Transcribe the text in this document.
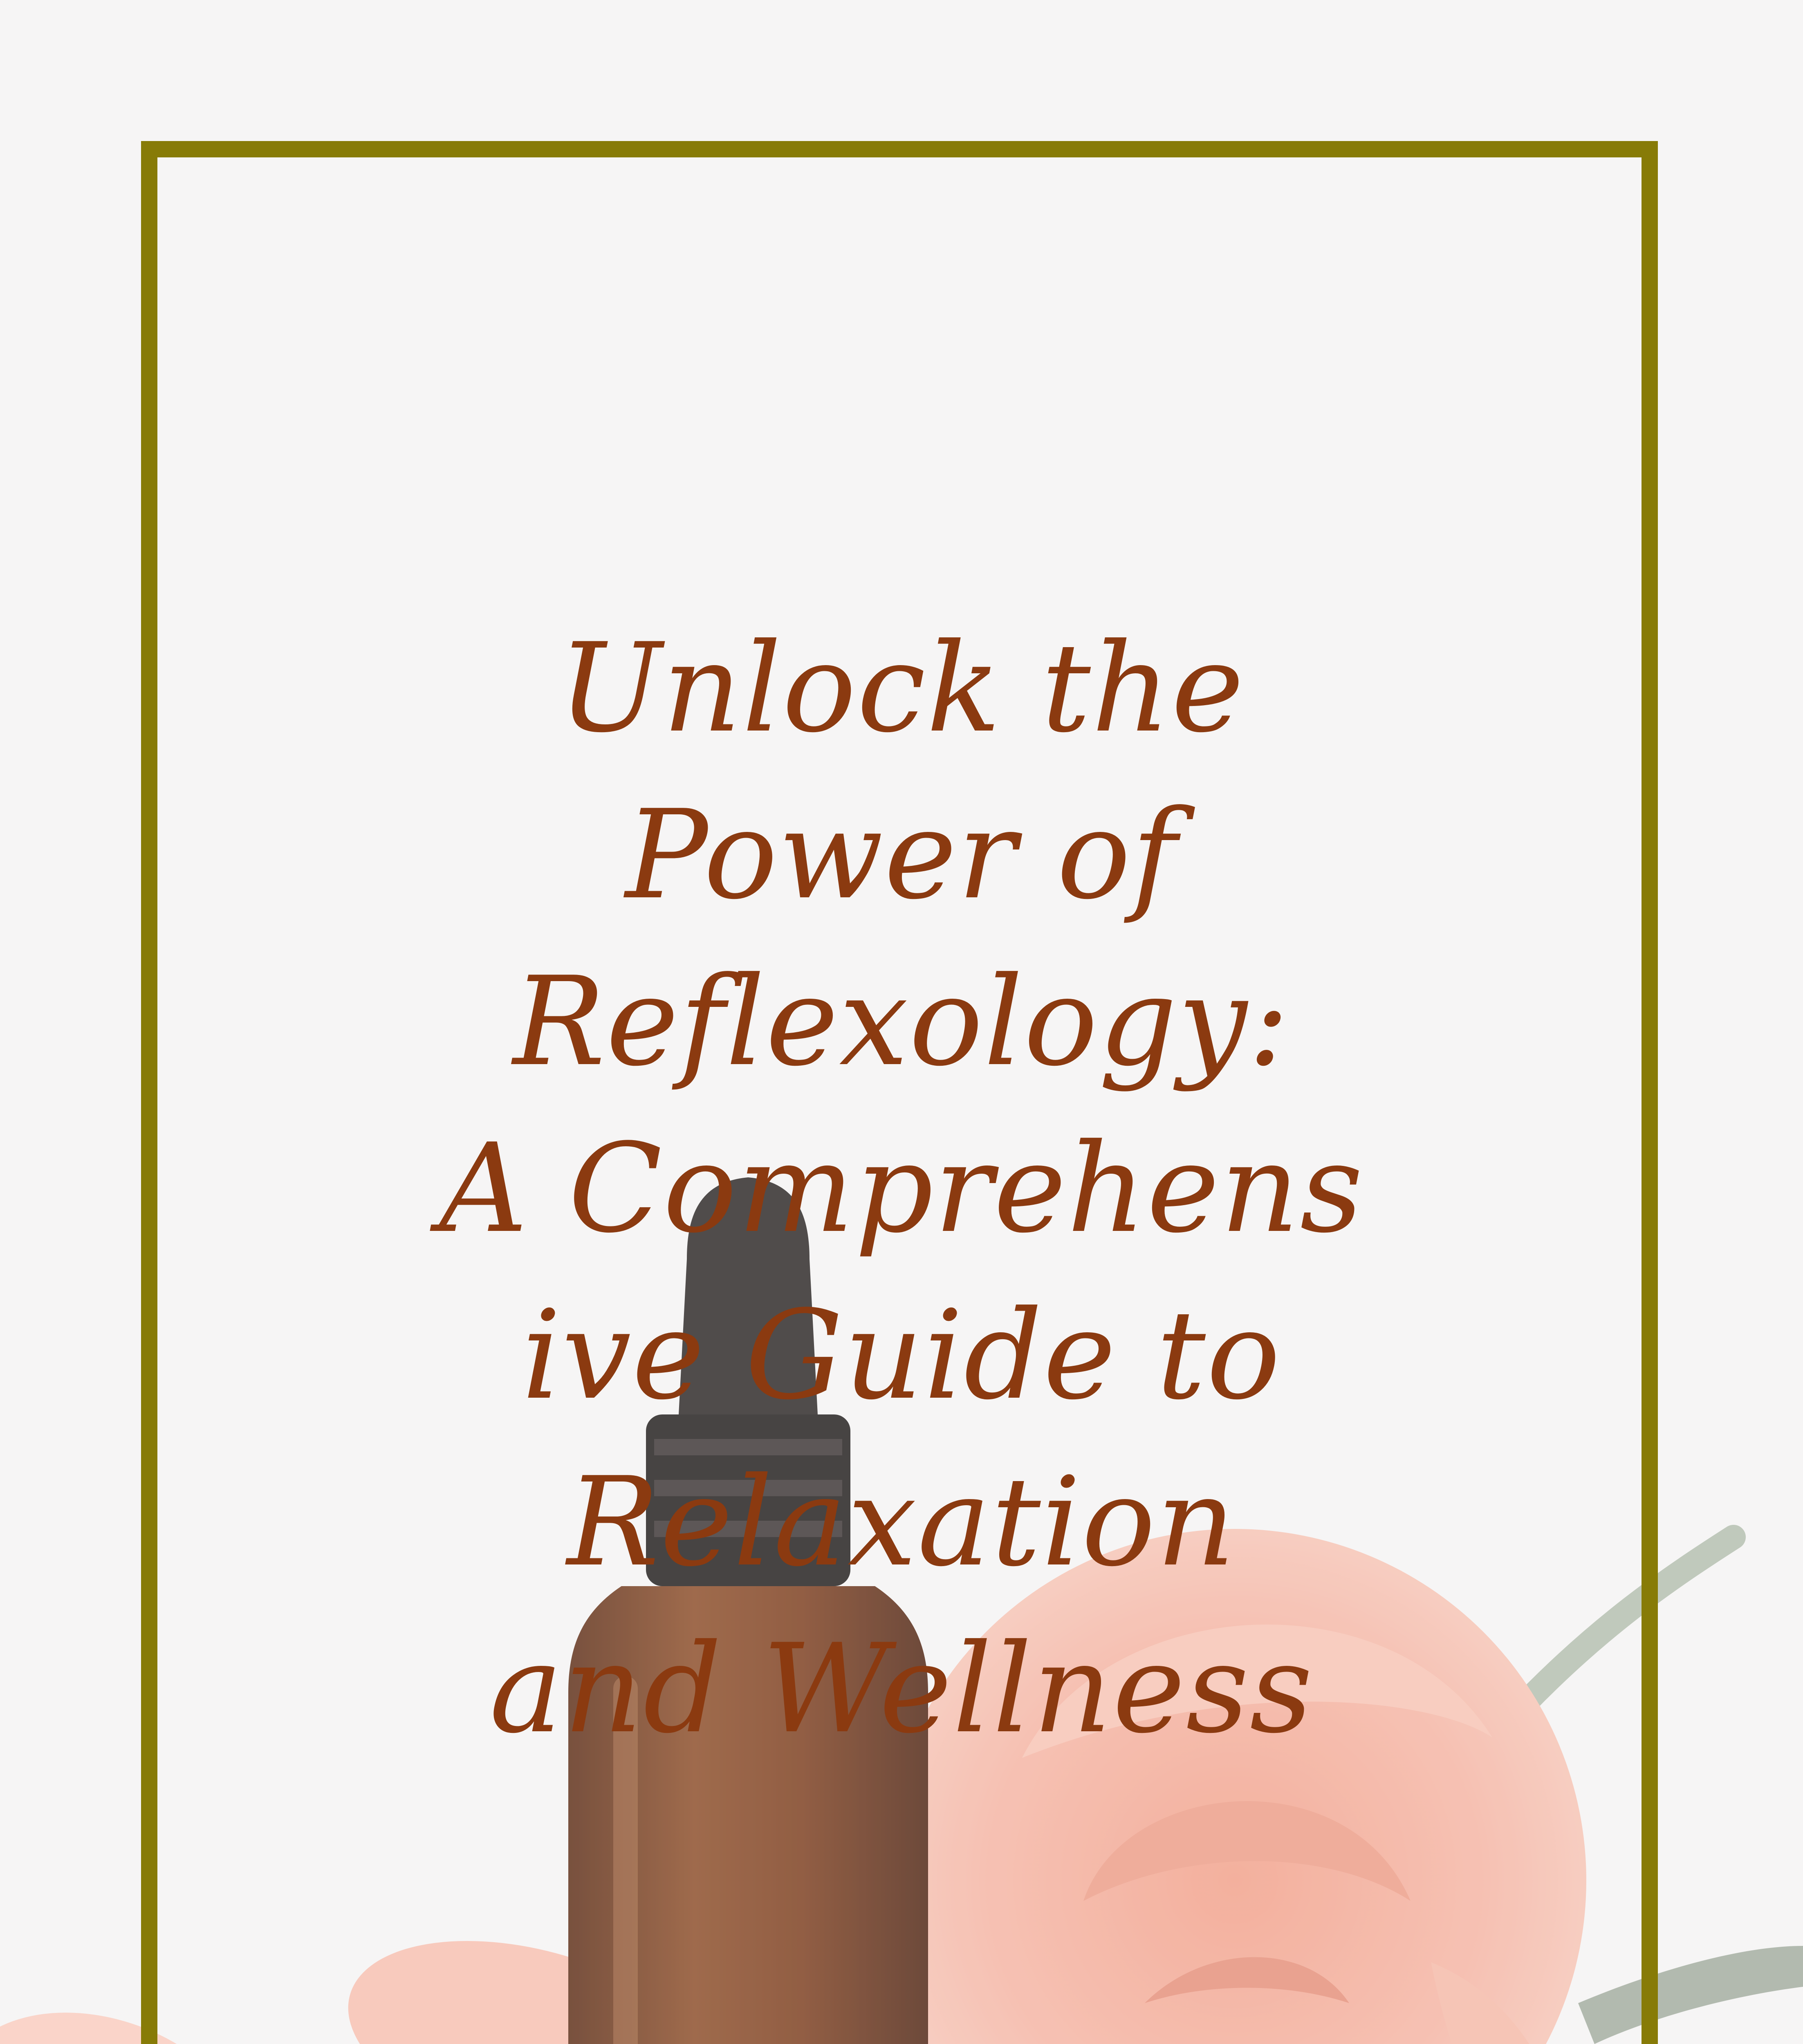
Unlock the
Power of
Reflexology:
A Comprehens
ive Guide to
Relaxation
and Wellness
